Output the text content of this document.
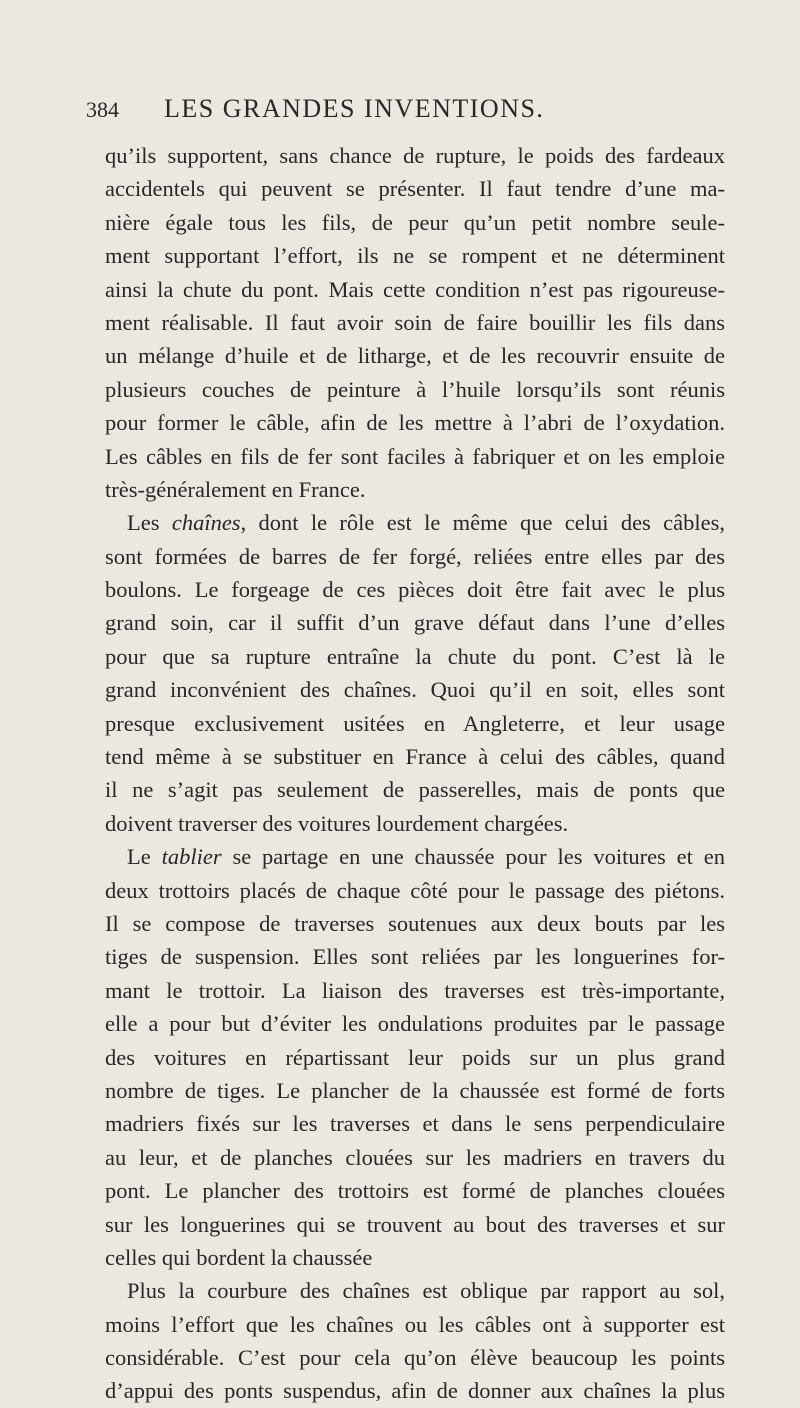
384 LES GRANDES INVENTIONS.
qu’ils supportent, sans chance de rupture, le poids des fardeaux
accidentels qui peuvent se présenter. Il faut tendre d’une ma-
nière égale tous les fils, de peur qu’un petit nombre seule-
ment supportant l’effort, ils ne se rompent et ne déterminent
ainsi la chute du pont. Mais cette condition n’est pas rigoureuse-
ment réalisable. Il faut avoir soin de faire bouillir les fils dans
un mélange d’huile et de litharge, et de les recouvrir ensuite de
plusieurs couches de peinture à l’huile lorsqu’ils sont réunis
pour former le câble, afin de les mettre à l’abri de l’oxydation.
Les câbles en fils de fer sont faciles à fabriquer et on les emploie
très-généralement en France.
Les chaînes, dont le rôle est le même que celui des câbles,
sont formées de barres de fer forgé, reliées entre elles par des
boulons. Le forgeage de ces pièces doit être fait avec le plus
grand soin, car il suffit d’un grave défaut dans l’une d’elles
pour que sa rupture entraîne la chute du pont. C’est là le
grand inconvénient des chaînes. Quoi qu’il en soit, elles sont
presque exclusivement usitées en Angleterre, et leur usage
tend même à se substituer en France à celui des câbles, quand
il ne s’agit pas seulement de passerelles, mais de ponts que
doivent traverser des voitures lourdement chargées.
Le tablier se partage en une chaussée pour les voitures et en
deux trottoirs placés de chaque côté pour le passage des piétons.
Il se compose de traverses soutenues aux deux bouts par les
tiges de suspension. Elles sont reliées par les longuerines for-
mant le trottoir. La liaison des traverses est très-importante,
elle a pour but d’éviter les ondulations produites par le passage
des voitures en répartissant leur poids sur un plus grand
nombre de tiges. Le plancher de la chaussée est formé de forts
madriers fixés sur les traverses et dans le sens perpendiculaire
au leur, et de planches clouées sur les madriers en travers du
pont. Le plancher des trottoirs est formé de planches clouées
sur les longuerines qui se trouvent au bout des traverses et sur
celles qui bordent la chaussée
Plus la courbure des chaînes est oblique par rapport au sol,
moins l’effort que les chaînes ou les câbles ont à supporter est
considérable. C’est pour cela qu’on élève beaucoup les points
d’appui des ponts suspendus, afin de donner aux chaînes la plus
